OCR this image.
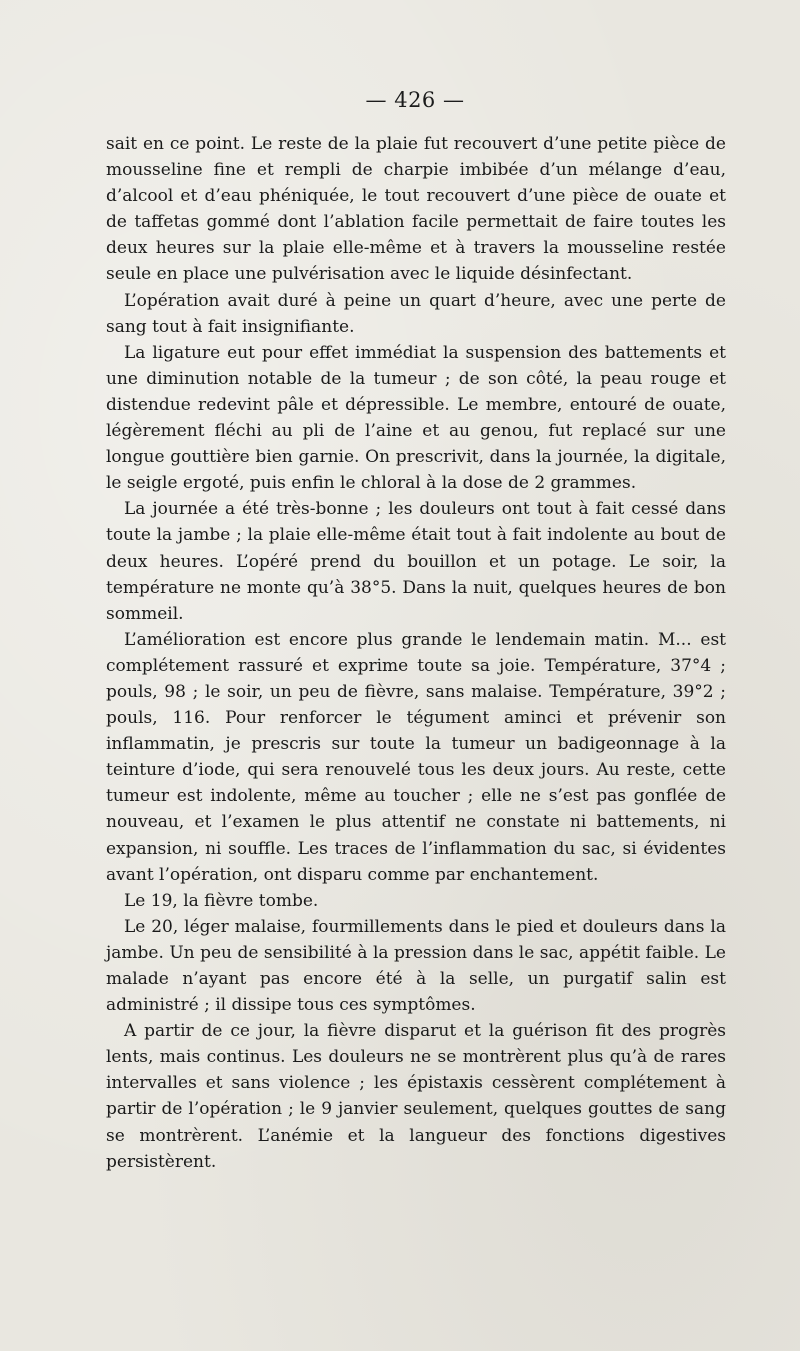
— 426 —

sait en ce point. Le reste de la plaie fut recouvert d’une petite pièce de mousseline fine et rempli de charpie imbibée d’un mélange d’eau, d’alcool et d’eau phéniquée, le tout recouvert d’une pièce de ouate et de taffetas gommé dont l’ablation facile permettait de faire toutes les deux heures sur la plaie elle-même et à travers la mousseline restée seule en place une pulvérisation avec le liquide désinfectant.

L’opération avait duré à peine un quart d’heure, avec une perte de sang tout à fait insignifiante.

La ligature eut pour effet immédiat la suspension des battements et une diminution notable de la tumeur ; de son côté, la peau rouge et distendue redevint pâle et dépressible. Le membre, entouré de ouate, légèrement fléchi au pli de l’aine et au genou, fut replacé sur une longue gouttière bien garnie. On prescrivit, dans la journée, la digitale, le seigle ergoté, puis enfin le chloral à la dose de 2 grammes.

La journée a été très-bonne ; les douleurs ont tout à fait cessé dans toute la jambe ; la plaie elle-même était tout à fait indolente au bout de deux heures. L’opéré prend du bouillon et un potage. Le soir, la température ne monte qu’à 38°5. Dans la nuit, quelques heures de bon sommeil.

L’amélioration est encore plus grande le lendemain matin. M... est complétement rassuré et exprime toute sa joie. Température, 37°4 ; pouls, 98 ; le soir, un peu de fièvre, sans malaise. Température, 39°2 ; pouls, 116. Pour renforcer le tégument aminci et prévenir son inflammatin, je prescris sur toute la tumeur un badigeonnage à la teinture d’iode, qui sera renouvelé tous les deux jours. Au reste, cette tumeur est indolente, même au toucher ; elle ne s’est pas gonflée de nouveau, et l’examen le plus attentif ne constate ni battements, ni expansion, ni souffle. Les traces de l’inflammation du sac, si évidentes avant l’opération, ont disparu comme par enchantement.

Le 19, la fièvre tombe.

Le 20, léger malaise, fourmillements dans le pied et douleurs dans la jambe. Un peu de sensibilité à la pression dans le sac, appétit faible. Le malade n’ayant pas encore été à la selle, un purgatif salin est administré ; il dissipe tous ces symptômes.

A partir de ce jour, la fièvre disparut et la guérison fit des progrès lents, mais continus. Les douleurs ne se montrèrent plus qu’à de rares intervalles et sans violence ; les épistaxis cessèrent complétement à partir de l’opération ; le 9 janvier seulement, quelques gouttes de sang se montrèrent. L’anémie et la langueur des fonctions digestives persistèrent.
